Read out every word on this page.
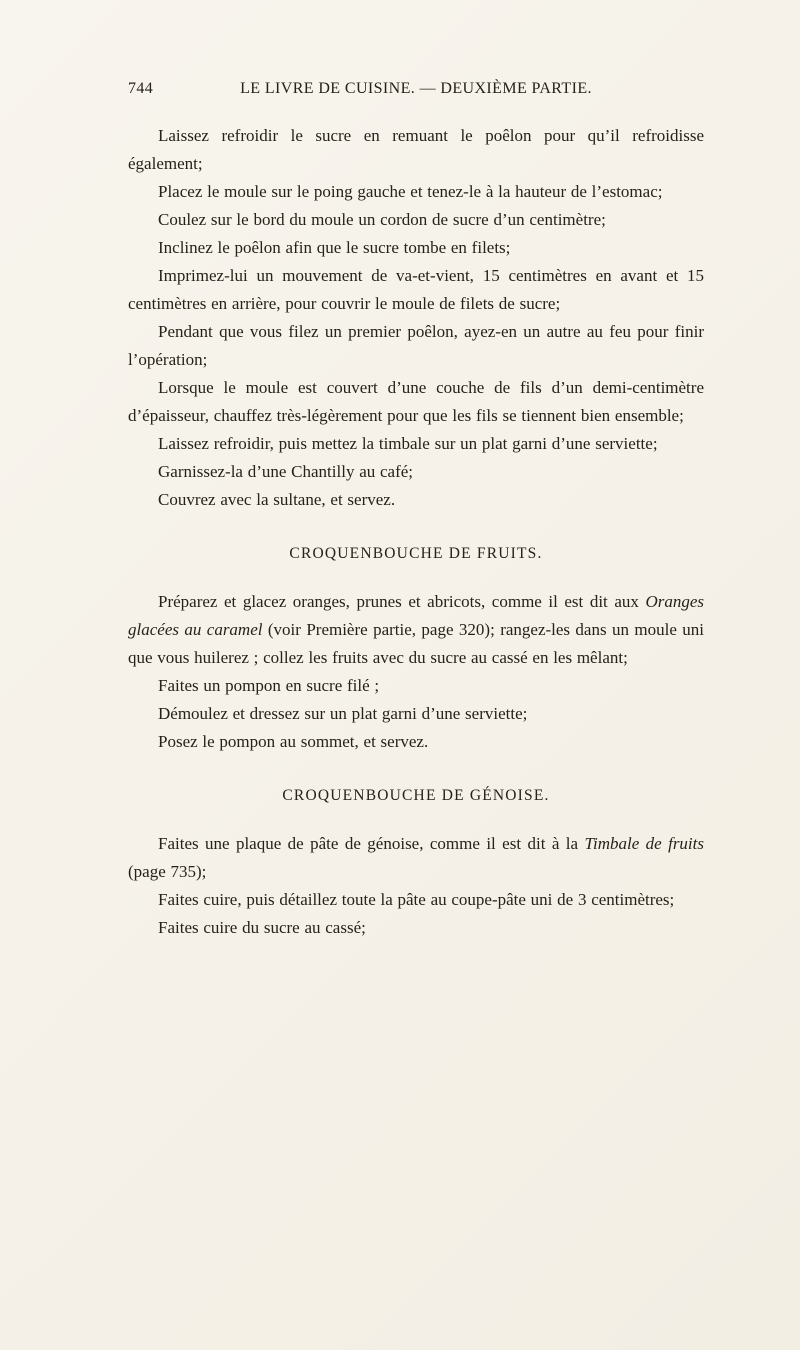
744	LE LIVRE DE CUISINE. — DEUXIÈME PARTIE.

Laissez refroidir le sucre en remuant le poêlon pour qu’il refroidisse également;

Placez le moule sur le poing gauche et tenez-le à la hauteur de l’estomac;

Coulez sur le bord du moule un cordon de sucre d’un centimètre;

Inclinez le poêlon afin que le sucre tombe en filets;

Imprimez-lui un mouvement de va-et-vient, 15 centimètres en avant et 15 centimètres en arrière, pour couvrir le moule de filets de sucre;

Pendant que vous filez un premier poêlon, ayez-en un autre au feu pour finir l’opération;

Lorsque le moule est couvert d’une couche de fils d’un demi-centimètre d’épaisseur, chauffez très-légèrement pour que les fils se tiennent bien ensemble;

Laissez refroidir, puis mettez la timbale sur un plat garni d’une serviette;

Garnissez-la d’une Chantilly au café;

Couvrez avec la sultane, et servez.

CROQUENBOUCHE DE FRUITS.

Préparez et glacez oranges, prunes et abricots, comme il est dit aux Oranges glacées au caramel (voir Première partie, page 320); rangez-les dans un moule uni que vous huilerez ; collez les fruits avec du sucre au cassé en les mêlant;

Faites un pompon en sucre filé ;

Démoulez et dressez sur un plat garni d’une serviette;

Posez le pompon au sommet, et servez.

CROQUENBOUCHE DE GÉNOISE.

Faites une plaque de pâte de génoise, comme il est dit à la Timbale de fruits (page 735);

Faites cuire, puis détaillez toute la pâte au coupe-pâte uni de 3 centimètres;

Faites cuire du sucre au cassé;
